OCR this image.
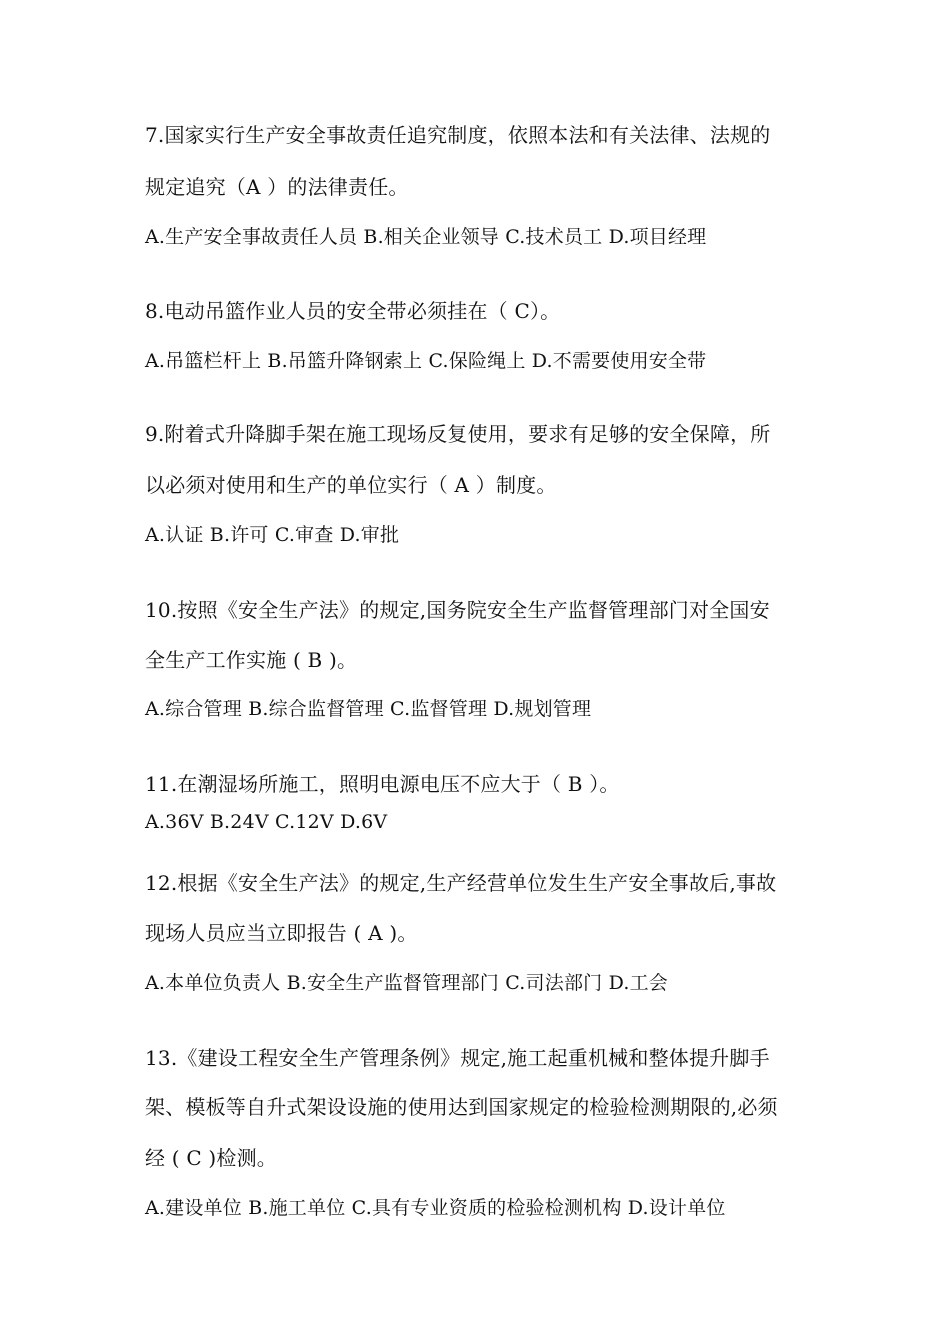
7.国家实行生产安全事故责任追究制度，依照本法和有关法律、法规的
规定追究（A ）的法律责任。
A.生产安全事故责任人员 B.相关企业领导 C.技术员工 D.项目经理
8.电动吊篮作业人员的安全带必须挂在（ C）。
A.吊篮栏杆上 B.吊篮升降钢索上 C.保险绳上 D.不需要使用安全带
9.附着式升降脚手架在施工现场反复使用，要求有足够的安全保障，所
以必须对使用和生产的单位实行（ A ）制度。
A.认证 B.许可 C.审查 D.审批
10.按照《安全生产法》的规定,国务院安全生产监督管理部门对全国安
全生产工作实施 ( B )。
A.综合管理 B.综合监督管理 C.监督管理 D.规划管理
11.在潮湿场所施工，照明电源电压不应大于（ B ）。
A.36V B.24V C.12V D.6V
12.根据《安全生产法》的规定,生产经营单位发生生产安全事故后,事故
现场人员应当立即报告 ( A )。
A.本单位负责人 B.安全生产监督管理部门 C.司法部门 D.工会
13.《建设工程安全生产管理条例》规定,施工起重机械和整体提升脚手
架、模板等自升式架设设施的使用达到国家规定的检验检测期限的,必须
经 ( C )检测。
A.建设单位 B.施工单位 C.具有专业资质的检验检测机构 D.设计单位
